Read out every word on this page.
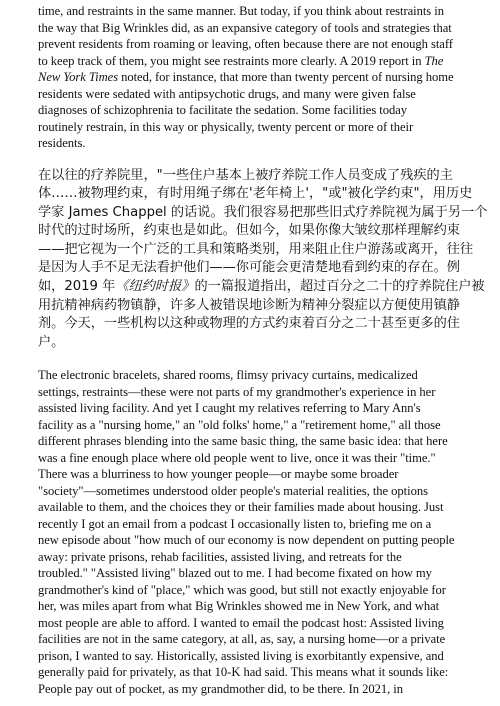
time, and restraints in the same manner. But today, if you think about restraints in
the way that Big Wrinkles did, as an expansive category of tools and strategies that
prevent residents from roaming or leaving, often because there are not enough staff
to keep track of them, you might see restraints more clearly. A 2019 report in The
New York Times noted, for instance, that more than twenty percent of nursing home
residents were sedated with antipsychotic drugs, and many were given false
diagnoses of schizophrenia to facilitate the sedation. Some facilities today
routinely restrain, in this way or physically, twenty percent or more of their
residents.

在以往的疗养院里，"一些住户基本上被疗养院工作人员变成了残疾的主
体……被物理约束，有时用绳子绑在'老年椅上'，"或"被化学约束"，用历史
学家 James Chappel 的话说。我们很容易把那些旧式疗养院视为属于另一个
时代的过时场所，约束也是如此。但如今，如果你像大皱纹那样理解约束
——把它视为一个广泛的工具和策略类别，用来阻止住户游荡或离开，往往
是因为人手不足无法看护他们——你可能会更清楚地看到约束的存在。例
如，2019 年《纽约时报》的一篇报道指出，超过百分之二十的疗养院住户被
用抗精神病药物镇静，许多人被错误地诊断为精神分裂症以方便使用镇静
剂。今天，一些机构以这种或物理的方式约束着百分之二十甚至更多的住
户。

The electronic bracelets, shared rooms, flimsy privacy curtains, medicalized
settings, restraints—these were not parts of my grandmother's experience in her
assisted living facility. And yet I caught my relatives referring to Mary Ann's
facility as a "nursing home," an "old folks' home," a "retirement home," all those
different phrases blending into the same basic thing, the same basic idea: that here
was a fine enough place where old people went to live, once it was their "time."
There was a blurriness to how younger people—or maybe some broader
"society"—sometimes understood older people's material realities, the options
available to them, and the choices they or their families made about housing. Just
recently I got an email from a podcast I occasionally listen to, briefing me on a
new episode about "how much of our economy is now dependent on putting people
away: private prisons, rehab facilities, assisted living, and retreats for the
troubled." "Assisted living" blazed out to me. I had become fixated on how my
grandmother's kind of "place," which was good, but still not exactly enjoyable for
her, was miles apart from what Big Wrinkles showed me in New York, and what
most people are able to afford. I wanted to email the podcast host: Assisted living
facilities are not in the same category, at all, as, say, a nursing home—or a private
prison, I wanted to say. Historically, assisted living is exorbitantly expensive, and
generally paid for privately, as that 10-K had said. This means what it sounds like:
People pay out of pocket, as my grandmother did, to be there. In 2021, in
